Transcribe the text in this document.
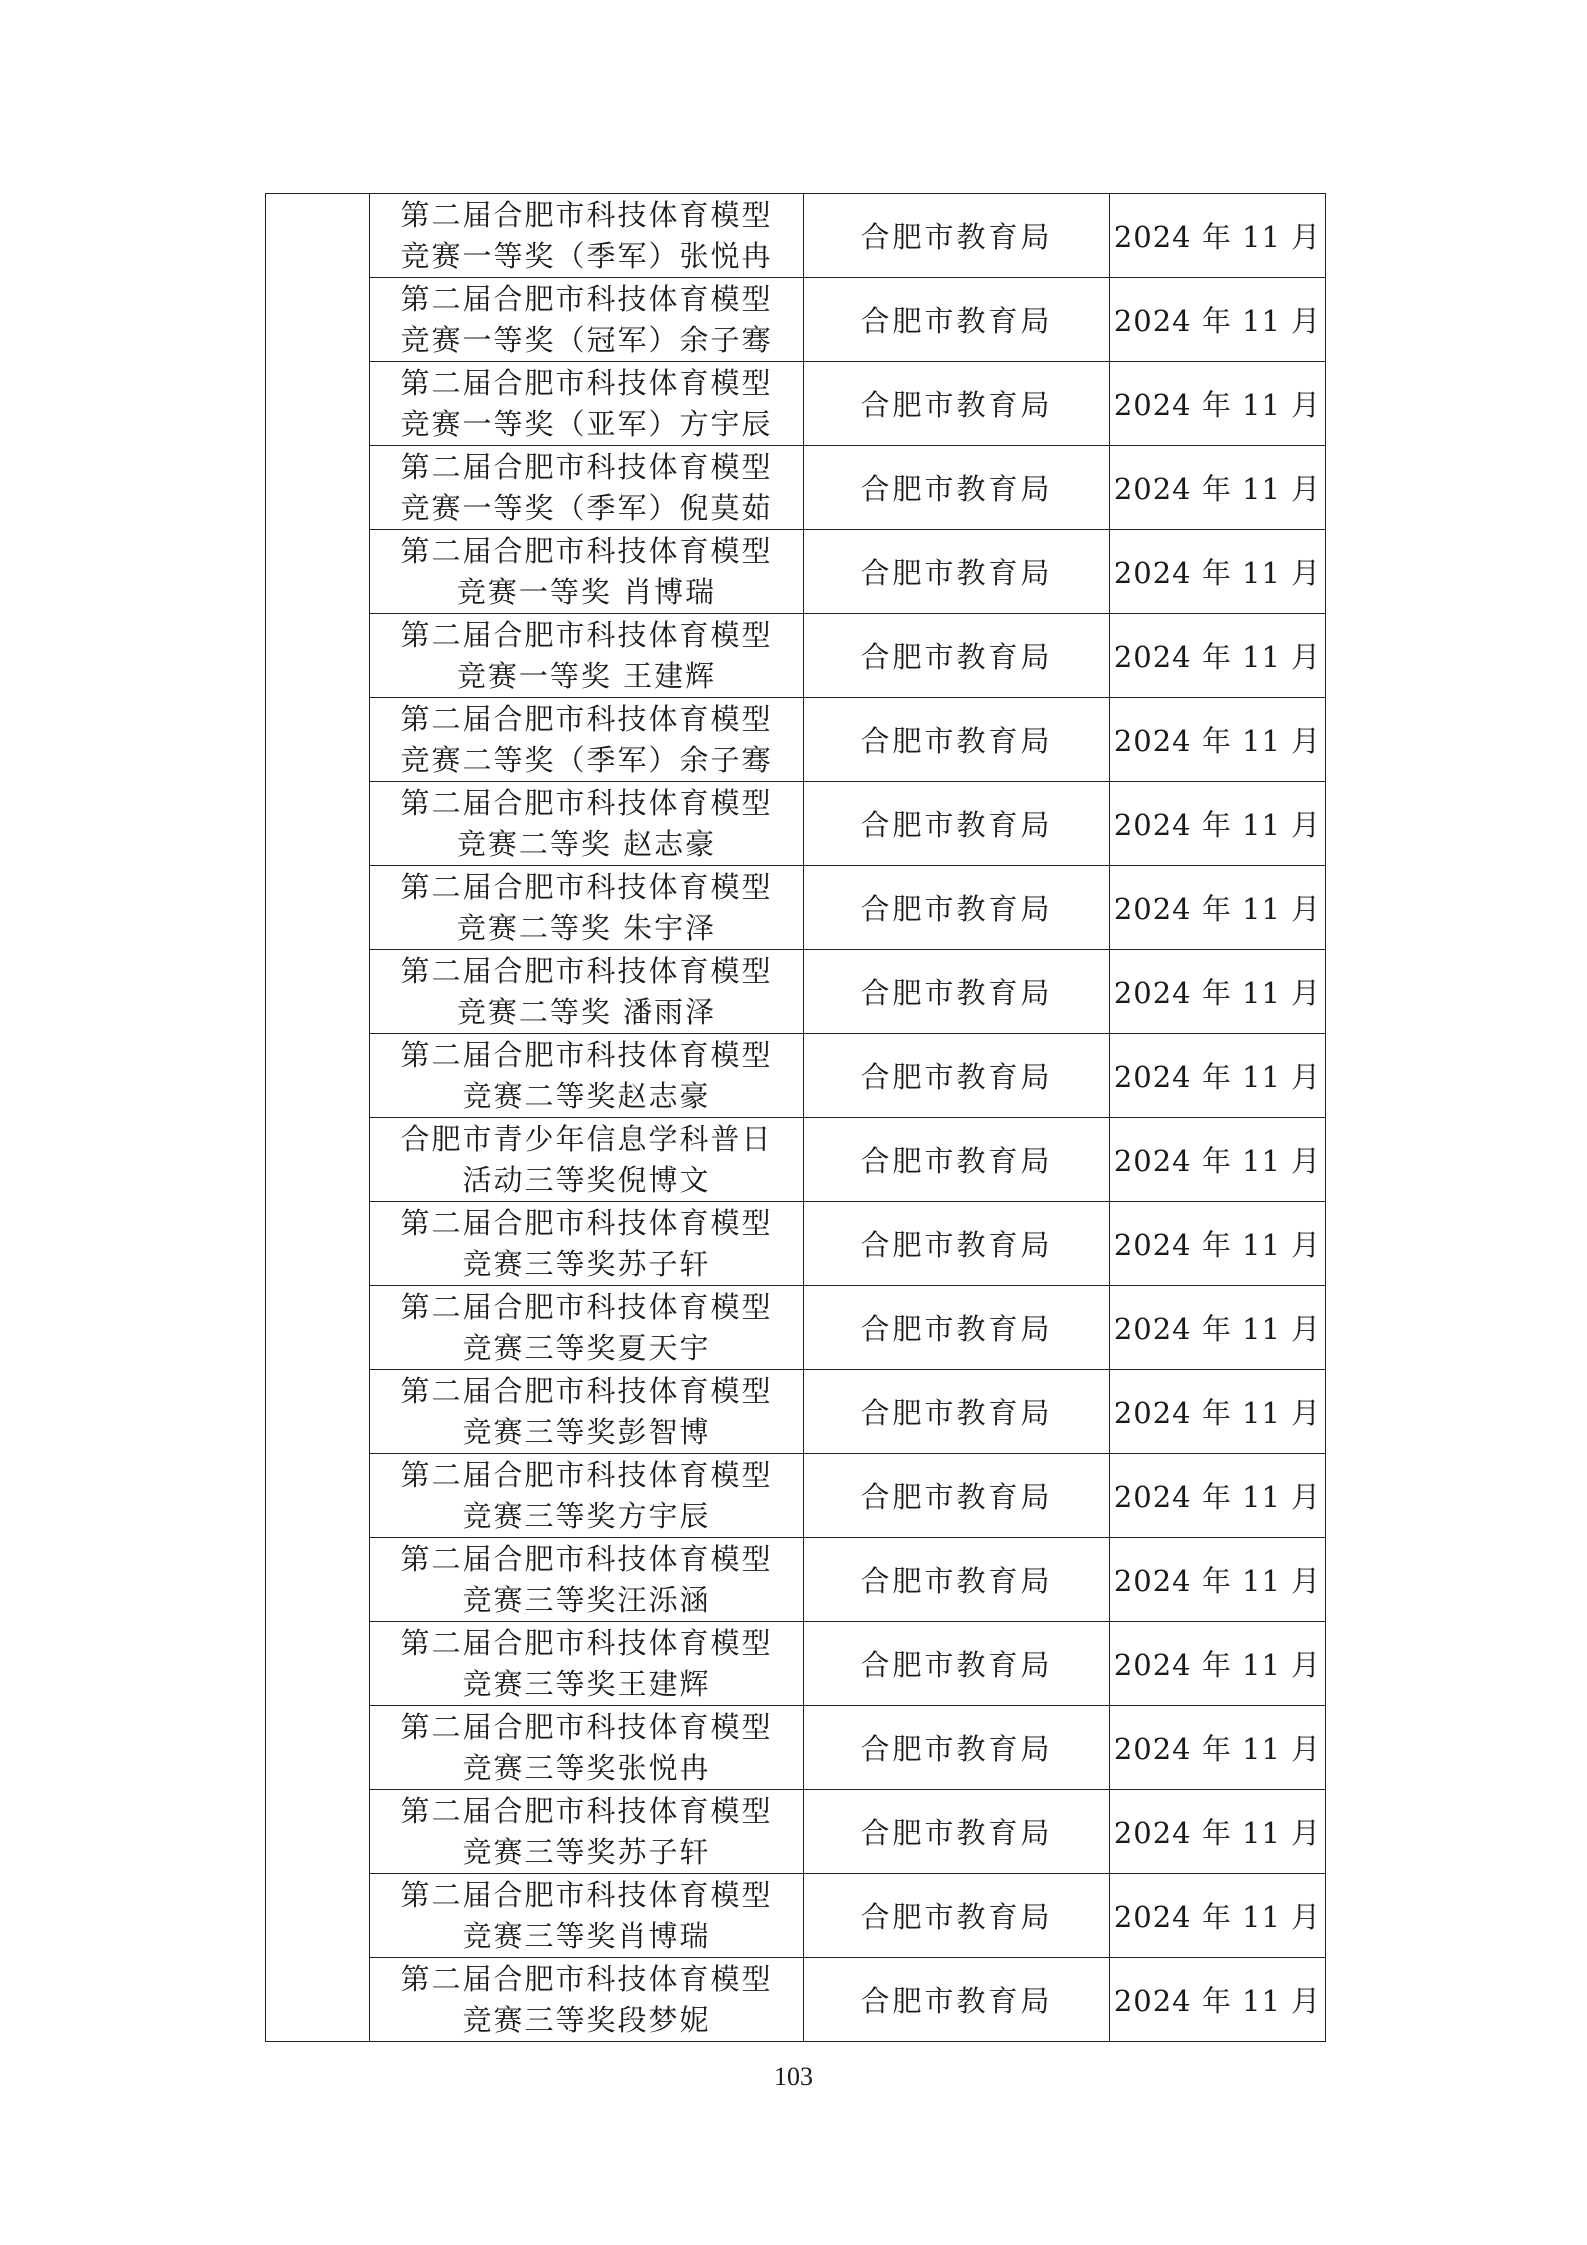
	第二届合肥市科技体育模型
竞赛一等奖（季军）张悦冉	合肥市教育局	2024 年 11 月

	第二届合肥市科技体育模型
竞赛一等奖（冠军）余子骞	合肥市教育局	2024 年 11 月

	第二届合肥市科技体育模型
竞赛一等奖（亚军）方宇辰	合肥市教育局	2024 年 11 月

	第二届合肥市科技体育模型
竞赛一等奖（季军）倪莫茹	合肥市教育局	2024 年 11 月

	第二届合肥市科技体育模型
竞赛一等奖 肖博瑞	合肥市教育局	2024 年 11 月

	第二届合肥市科技体育模型
竞赛一等奖 王建辉	合肥市教育局	2024 年 11 月

	第二届合肥市科技体育模型
竞赛二等奖（季军）余子骞	合肥市教育局	2024 年 11 月

	第二届合肥市科技体育模型
竞赛二等奖 赵志豪	合肥市教育局	2024 年 11 月

	第二届合肥市科技体育模型
竞赛二等奖 朱宇泽	合肥市教育局	2024 年 11 月

	第二届合肥市科技体育模型
竞赛二等奖 潘雨泽	合肥市教育局	2024 年 11 月

	第二届合肥市科技体育模型
竞赛二等奖赵志豪	合肥市教育局	2024 年 11 月

	合肥市青少年信息学科普日
活动三等奖倪博文	合肥市教育局	2024 年 11 月

	第二届合肥市科技体育模型
竞赛三等奖苏子轩	合肥市教育局	2024 年 11 月

	第二届合肥市科技体育模型
竞赛三等奖夏天宇	合肥市教育局	2024 年 11 月

	第二届合肥市科技体育模型
竞赛三等奖彭智博	合肥市教育局	2024 年 11 月

	第二届合肥市科技体育模型
竞赛三等奖方宇辰	合肥市教育局	2024 年 11 月

	第二届合肥市科技体育模型
竞赛三等奖汪泺涵	合肥市教育局	2024 年 11 月

	第二届合肥市科技体育模型
竞赛三等奖王建辉	合肥市教育局	2024 年 11 月

	第二届合肥市科技体育模型
竞赛三等奖张悦冉	合肥市教育局	2024 年 11 月

	第二届合肥市科技体育模型
竞赛三等奖苏子轩	合肥市教育局	2024 年 11 月

	第二届合肥市科技体育模型
竞赛三等奖肖博瑞	合肥市教育局	2024 年 11 月

	第二届合肥市科技体育模型
竞赛三等奖段梦妮	合肥市教育局	2024 年 11 月
103
